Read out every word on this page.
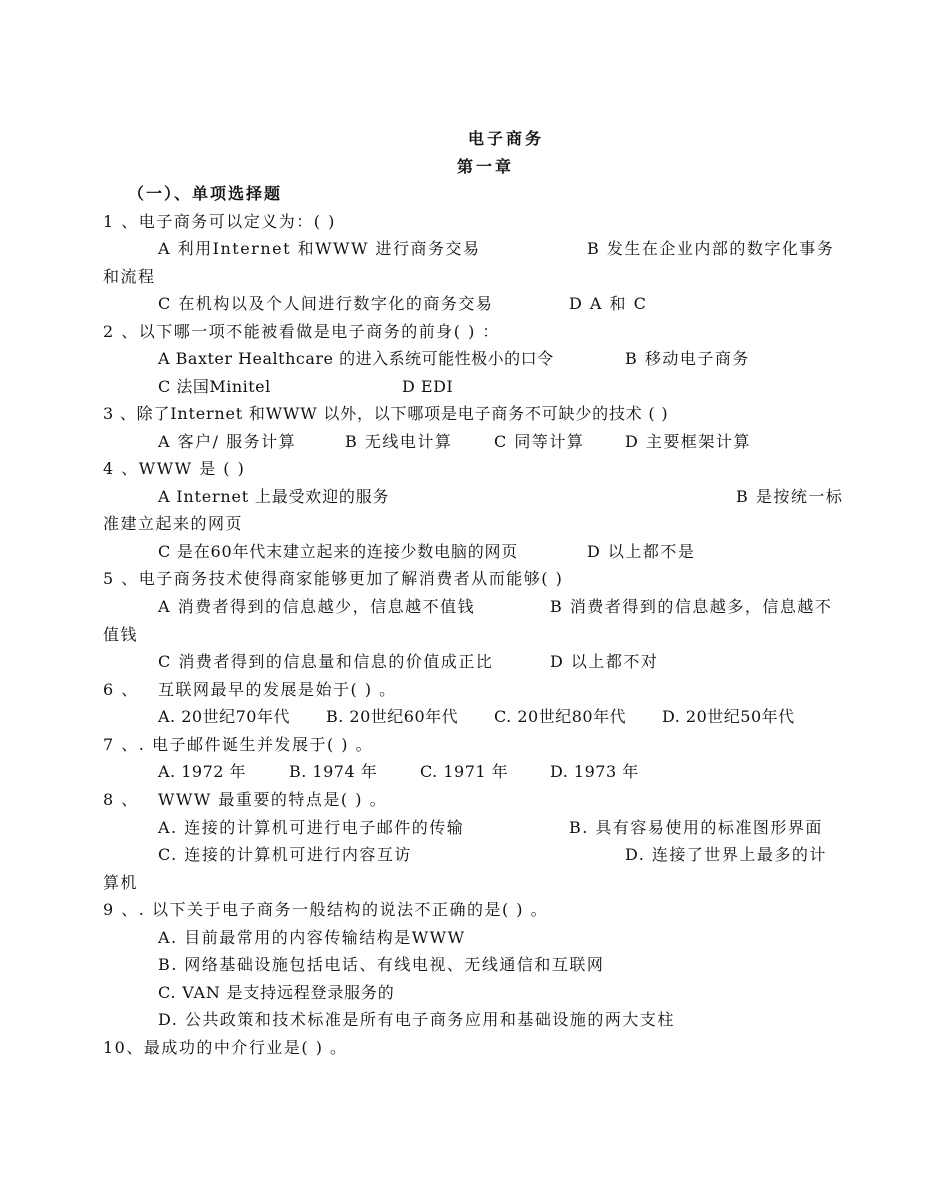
电子商务
第一章
（一）、单项选择题
1 、电子商务可以定义为：( )
A 利用Internet 和WWW 进行商务交易	B 发生在企业内部的数字化事务
和流程
C 在机构以及个人间进行数字化的商务交易	D A 和 C
2 、以下哪一项不能被看做是电子商务的前身( ) ：
A Baxter Healthcare 的进入系统可能性极小的口令	B 移动电子商务
C 法国Minitel	D EDI
3 、除了Internet 和WWW 以外，以下哪项是电子商务不可缺少的技术 ( )
A 客户/ 服务计算	B 无线电计算	C 同等计算	D 主要框架计算
4 、WWW 是 ( )
A Internet 上最受欢迎的服务	B 是按统一标
准建立起来的网页
C 是在60年代末建立起来的连接少数电脑的网页	D 以上都不是
5 、电子商务技术使得商家能够更加了解消费者从而能够( )
A 消费者得到的信息越少，信息越不值钱	B 消费者得到的信息越多，信息越不
值钱
C 消费者得到的信息量和信息的价值成正比	D 以上都不对
6 、 互联网最早的发展是始于( ) 。
A. 20世纪70年代 B. 20世纪60年代 C. 20世纪80年代 D. 20世纪50年代
7 、. 电子邮件诞生并发展于( ) 。
A. 1972 年	B. 1974 年	C. 1971 年	D. 1973 年
8 、 WWW 最重要的特点是( ) 。
A. 连接的计算机可进行电子邮件的传输	B. 具有容易使用的标准图形界面
C. 连接的计算机可进行内容互访	D. 连接了世界上最多的计
算机
9 、. 以下关于电子商务一般结构的说法不正确的是( ) 。
A. 目前最常用的内容传输结构是WWW
B. 网络基础设施包括电话、有线电视、无线通信和互联网
C. VAN 是支持远程登录服务的
D. 公共政策和技术标准是所有电子商务应用和基础设施的两大支柱
10、最成功的中介行业是( ) 。
